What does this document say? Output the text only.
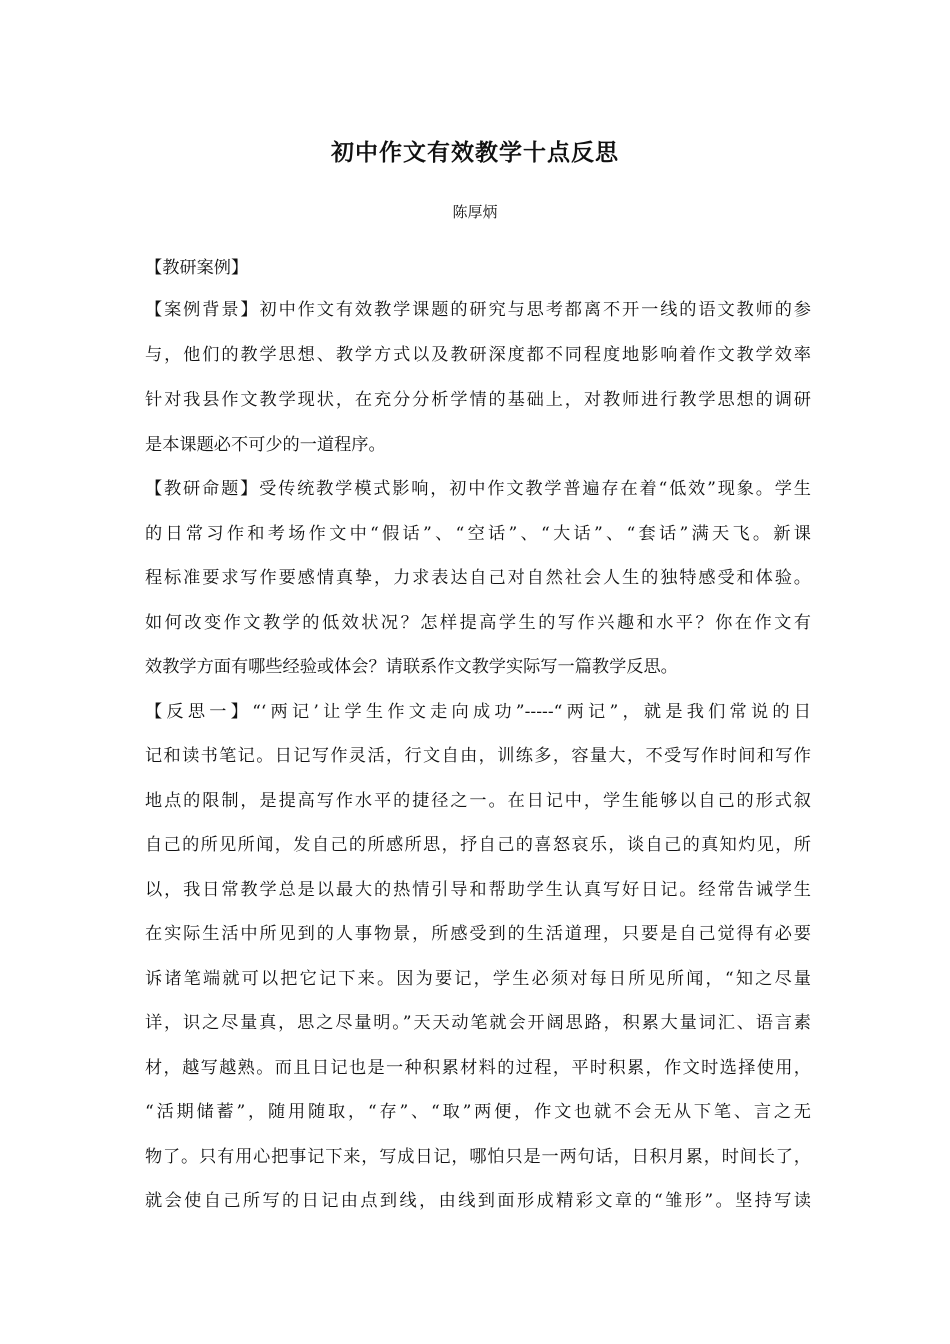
初中作文有效教学十点反思
陈厚炳
【教研案例】
【案例背景】初中作文有效教学课题的研究与思考都离不开一线的语文教师的参
与，他们的教学思想、教学方式以及教研深度都不同程度地影响着作文教学效率
针对我县作文教学现状，在充分分析学情的基础上，对教师进行教学思想的调研
是本课题必不可少的一道程序。
【教研命题】受传统教学模式影响，初中作文教学普遍存在着“低效”现象。学生
的日常习作和考场作文中“假话”、“空话”、“大话”、“套话”满天飞。新课
程标准要求写作要感情真挚，力求表达自己对自然社会人生的独特感受和体验。
如何改变作文教学的低效状况？怎样提高学生的写作兴趣和水平？你在作文有
效教学方面有哪些经验或体会？请联系作文教学实际写一篇教学反思。
【反思一】“‘两记’让学生作文走向成功”-----“两记”，就是我们常说的日
记和读书笔记。日记写作灵活，行文自由，训练多，容量大，不受写作时间和写作
地点的限制，是提高写作水平的捷径之一。在日记中，学生能够以自己的形式叙
自己的所见所闻，发自己的所感所思，抒自己的喜怒哀乐，谈自己的真知灼见，所
以，我日常教学总是以最大的热情引导和帮助学生认真写好日记。经常告诫学生
在实际生活中所见到的人事物景，所感受到的生活道理，只要是自己觉得有必要
诉诸笔端就可以把它记下来。因为要记，学生必须对每日所见所闻，“知之尽量
详，识之尽量真，思之尽量明。”天天动笔就会开阔思路，积累大量词汇、语言素
材，越写越熟。而且日记也是一种积累材料的过程，平时积累，作文时选择使用，
“活期储蓄”，随用随取，“存”、“取”两便，作文也就不会无从下笔、言之无
物了。只有用心把事记下来，写成日记，哪怕只是一两句话，日积月累，时间长了，
就会使自己所写的日记由点到线，由线到面形成精彩文章的“雏形”。坚持写读
